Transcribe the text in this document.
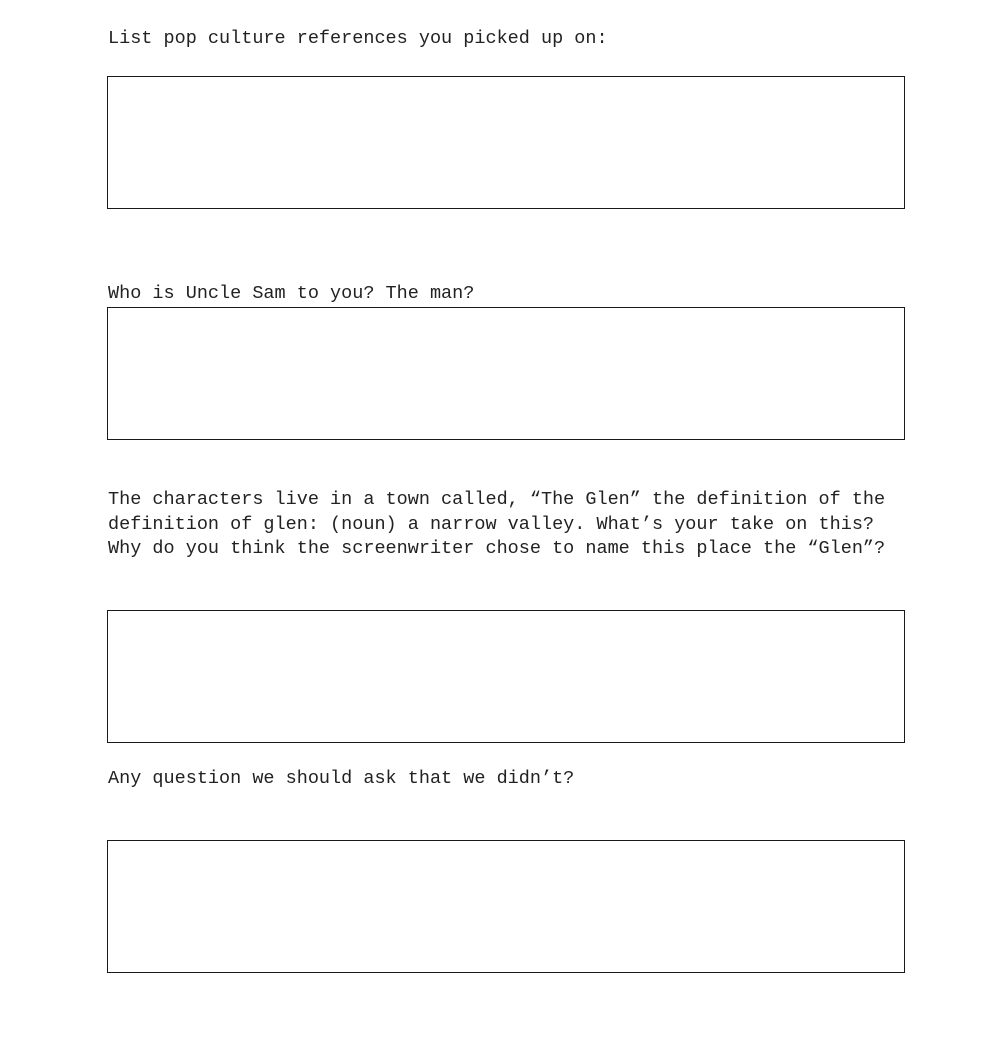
List pop culture references you picked up on:

Who is Uncle Sam to you? The man?

The characters live in a town called, “The Glen” the definition of the
definition of glen: (noun) a narrow valley. What’s your take on this?
Why do you think the screenwriter chose to name this place the “Glen”?

Any question we should ask that we didn’t?
